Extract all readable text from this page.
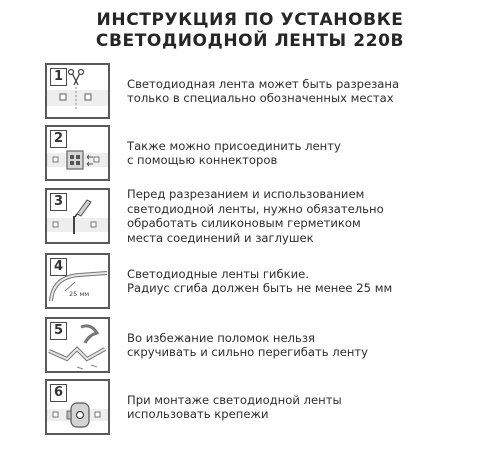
ИНСТРУКЦИЯ ПО УСТАНОВКЕ
СВЕТОДИОДНОЙ ЛЕНТЫ 220В
1	Светодиодная лента может быть разрезана
только в специально обозначенных местах
2	Также можно присоединить ленту
с помощью коннекторов
3	Перед разрезанием и использованием
светодиодной ленты, нужно обязательно
обработать силиконовым герметиком
места соединений и заглушек
4
25 мм
Светодиодные ленты гибкие.
Радиус сгиба должен быть не менее 25 мм
5	Во избежание поломок нельзя
скручивать и сильно перегибать ленту
6	При монтаже светодиодной ленты
использовать крепежи
